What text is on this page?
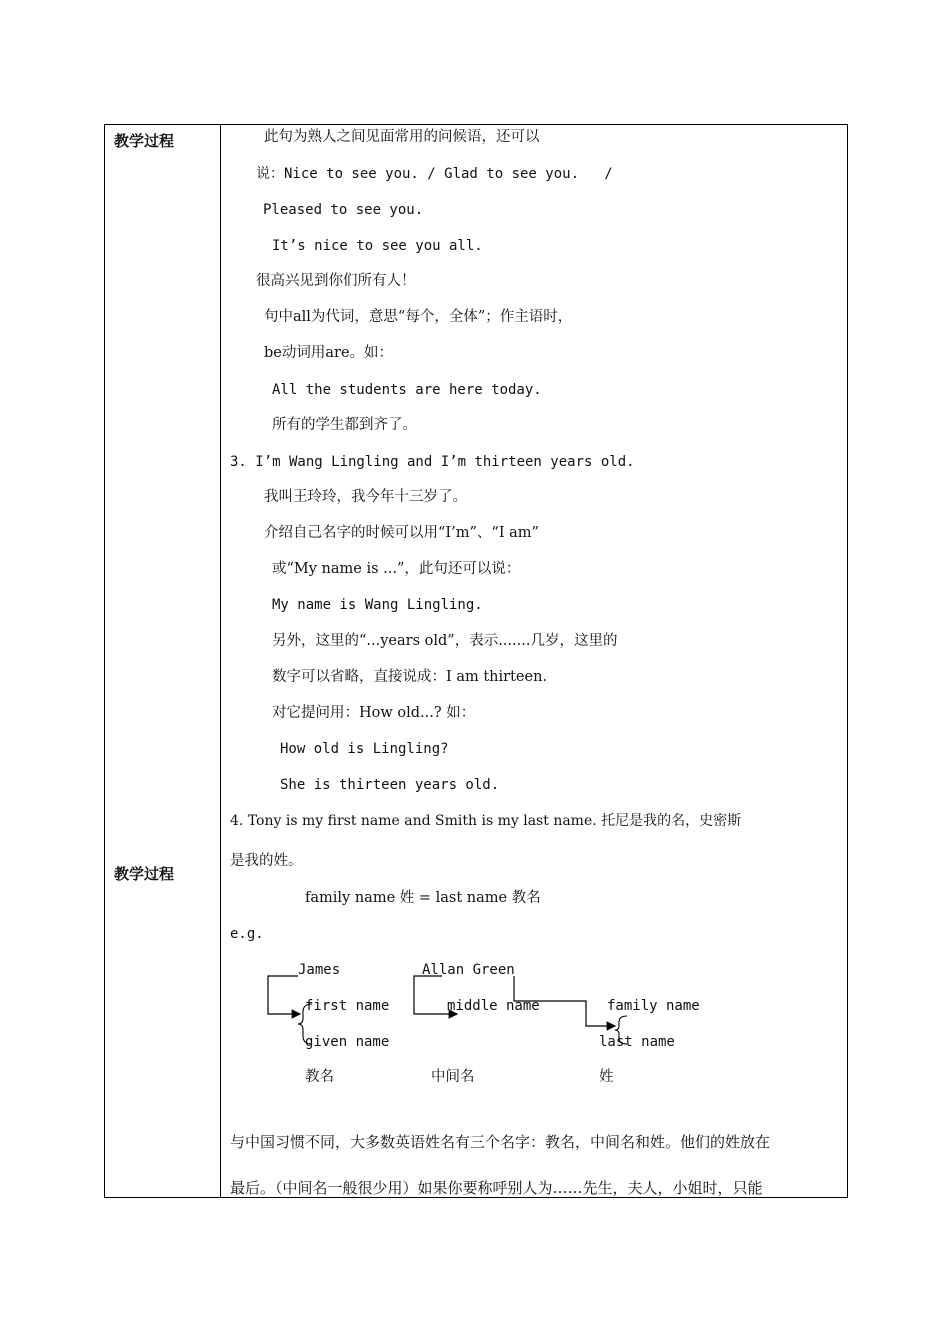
教学过程
教学过程
此句为熟人之间见面常用的问候语，还可以
说：Nice to see you. / Glad to see you.   /
Pleased to see you.
It’s nice to see you all.
很高兴见到你们所有人！
句中all为代词，意思“每个，全体”；作主语时，
be动词用are。如：
All the students are here today.
所有的学生都到齐了。
3. I’m Wang Lingling and I’m thirteen years old.
我叫王玲玲，我今年十三岁了。
介绍自己名字的时候可以用“I’m”、“I am”
或“My name is ...”，此句还可以说：
My name is Wang Lingling.
另外，这里的“...years old”，表示.......几岁，这里的
数字可以省略，直接说成：I am thirteen.
对它提问用：How old...? 如：
How old is Lingling?
She is thirteen years old.
4. Tony is my first name and Smith is my last name. 托尼是我的名，史密斯
是我的姓。
family name 姓 = last name 教名
e.g.
James	Allan Green
first name	middle name	family name
given name	last name
教名	中间名	姓
与中国习惯不同，大多数英语姓名有三个名字：教名，中间名和姓。他们的姓放在
最后。（中间名一般很少用）如果你要称呼别人为……先生，夫人，小姐时，只能
